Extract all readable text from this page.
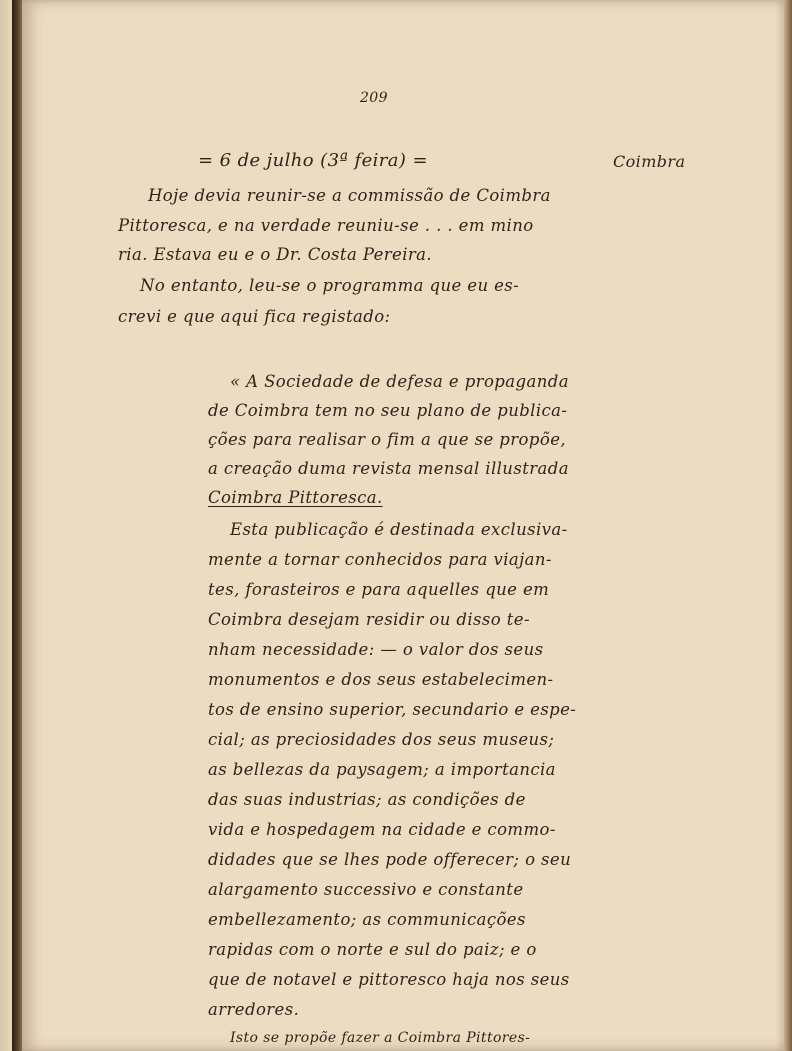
209
= 6 de julho (3ª feira) =	Coimbra
Hoje devia reunir-se a commissão de Coimbra
Pittoresca, e na verdade reuniu-se . . . em mino
ria. Estava eu e o Dr. Costa Pereira.
No entanto, leu-se o programma que eu es-
crevi e que aqui fica registado:
« A Sociedade de defesa e propaganda
de Coimbra tem no seu plano de publica-
ções para realisar o fim a que se propõe,
a creação duma revista mensal illustrada
Coimbra Pittoresca.
Esta publicação é destinada exclusiva-
mente a tornar conhecidos para viajan-
tes, forasteiros e para aquelles que em
Coimbra desejam residir ou disso te-
nham necessidade: — o valor dos seus
monumentos e dos seus estabelecimen-
tos de ensino superior, secundario e espe-
cial; as preciosidades dos seus museus;
as bellezas da paysagem; a importancia
das suas industrias; as condições de
vida e hospedagem na cidade e commo-
didades que se lhes pode offerecer; o seu
alargamento successivo e constante
embellezamento; as communicações
rapidas com o norte e sul do paiz; e o
que de notavel e pittoresco haja nos seus
arredores.
Isto se propõe fazer a Coimbra Pittores-
